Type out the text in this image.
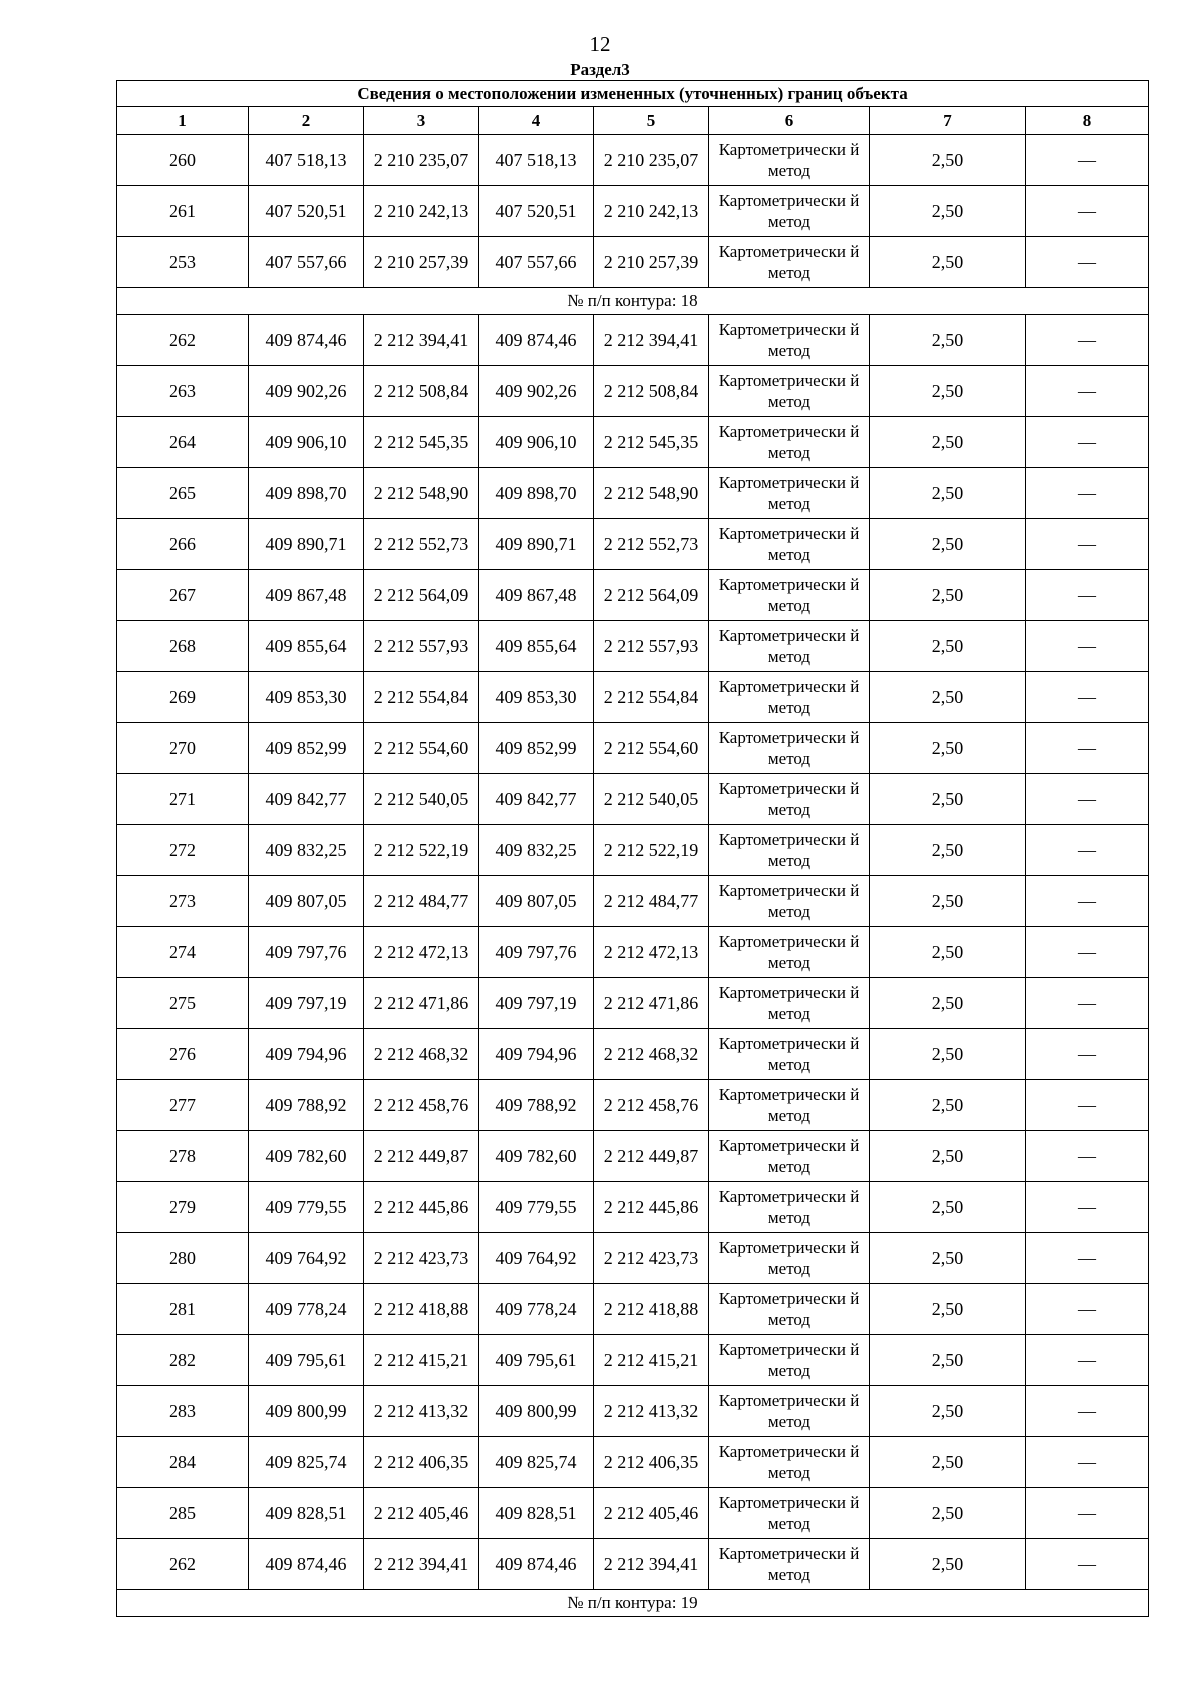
12
Раздел3
Сведения о местоположении измененных (уточненных) границ объекта							
1	2	3	4	5	6	7	8
260	407 518,13	2 210 235,07	407 518,13	2 210 235,07	Картометрически й метод	2,50	—
261	407 520,51	2 210 242,13	407 520,51	2 210 242,13	Картометрически й метод	2,50	—
253	407 557,66	2 210 257,39	407 557,66	2 210 257,39	Картометрически й метод	2,50	—
№ п/п контура: 18							
262	409 874,46	2 212 394,41	409 874,46	2 212 394,41	Картометрически й метод	2,50	—
263	409 902,26	2 212 508,84	409 902,26	2 212 508,84	Картометрически й метод	2,50	—
264	409 906,10	2 212 545,35	409 906,10	2 212 545,35	Картометрически й метод	2,50	—
265	409 898,70	2 212 548,90	409 898,70	2 212 548,90	Картометрически й метод	2,50	—
266	409 890,71	2 212 552,73	409 890,71	2 212 552,73	Картометрически й метод	2,50	—
267	409 867,48	2 212 564,09	409 867,48	2 212 564,09	Картометрически й метод	2,50	—
268	409 855,64	2 212 557,93	409 855,64	2 212 557,93	Картометрически й метод	2,50	—
269	409 853,30	2 212 554,84	409 853,30	2 212 554,84	Картометрически й метод	2,50	—
270	409 852,99	2 212 554,60	409 852,99	2 212 554,60	Картометрически й метод	2,50	—
271	409 842,77	2 212 540,05	409 842,77	2 212 540,05	Картометрически й метод	2,50	—
272	409 832,25	2 212 522,19	409 832,25	2 212 522,19	Картометрически й метод	2,50	—
273	409 807,05	2 212 484,77	409 807,05	2 212 484,77	Картометрически й метод	2,50	—
274	409 797,76	2 212 472,13	409 797,76	2 212 472,13	Картометрически й метод	2,50	—
275	409 797,19	2 212 471,86	409 797,19	2 212 471,86	Картометрически й метод	2,50	—
276	409 794,96	2 212 468,32	409 794,96	2 212 468,32	Картометрически й метод	2,50	—
277	409 788,92	2 212 458,76	409 788,92	2 212 458,76	Картометрически й метод	2,50	—
278	409 782,60	2 212 449,87	409 782,60	2 212 449,87	Картометрически й метод	2,50	—
279	409 779,55	2 212 445,86	409 779,55	2 212 445,86	Картометрически й метод	2,50	—
280	409 764,92	2 212 423,73	409 764,92	2 212 423,73	Картометрически й метод	2,50	—
281	409 778,24	2 212 418,88	409 778,24	2 212 418,88	Картометрически й метод	2,50	—
282	409 795,61	2 212 415,21	409 795,61	2 212 415,21	Картометрически й метод	2,50	—
283	409 800,99	2 212 413,32	409 800,99	2 212 413,32	Картометрически й метод	2,50	—
284	409 825,74	2 212 406,35	409 825,74	2 212 406,35	Картометрически й метод	2,50	—
285	409 828,51	2 212 405,46	409 828,51	2 212 405,46	Картометрически й метод	2,50	—
262	409 874,46	2 212 394,41	409 874,46	2 212 394,41	Картометрически й метод	2,50	—
№ п/п контура: 19							
